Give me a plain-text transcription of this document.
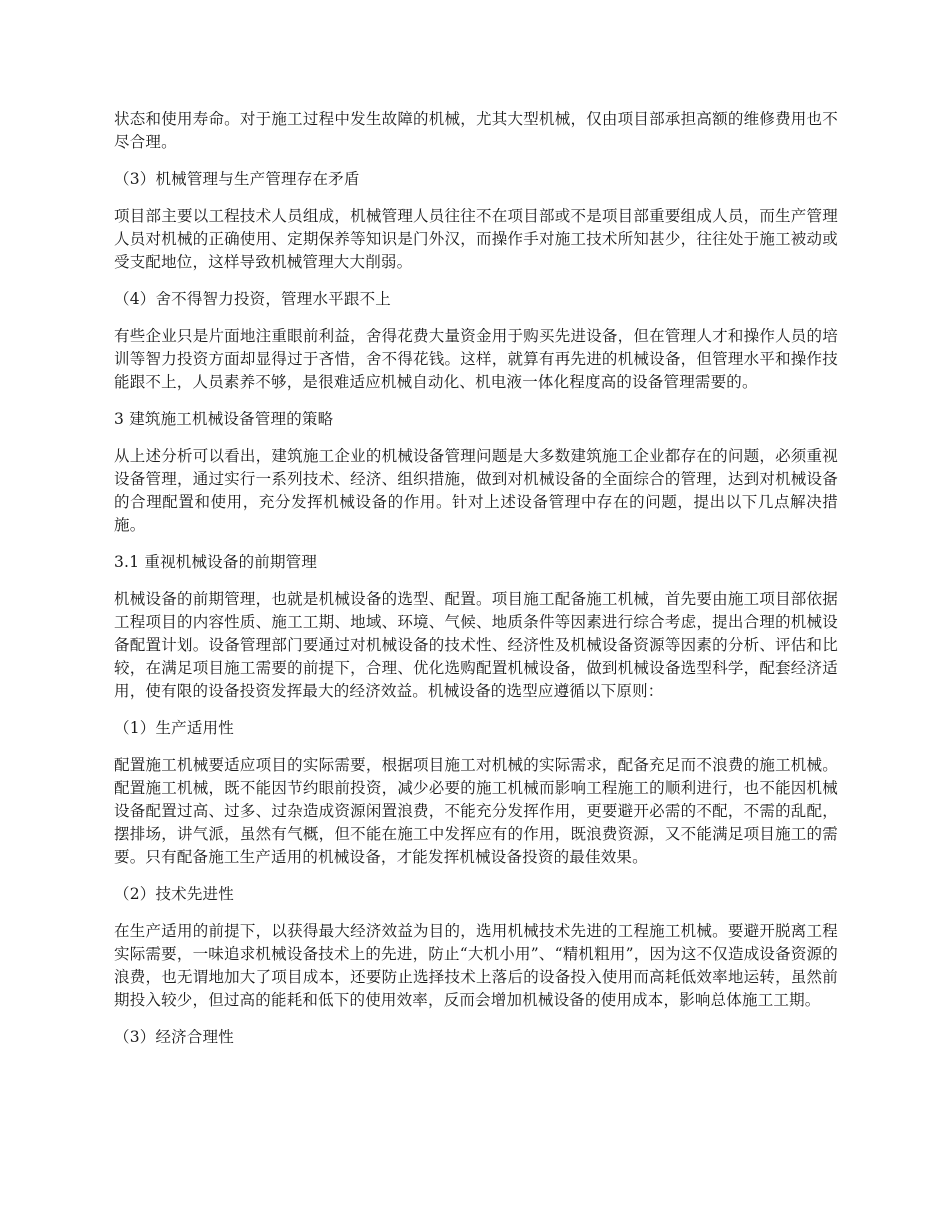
状态和使用寿命。对于施工过程中发生故障的机械，尤其大型机械，仅由项目部承担高额的维修费用也不尽合理。

（3）机械管理与生产管理存在矛盾

项目部主要以工程技术人员组成，机械管理人员往往不在项目部或不是项目部重要组成人员，而生产管理人员对机械的正确使用、定期保养等知识是门外汉，而操作手对施工技术所知甚少，往往处于施工被动或受支配地位，这样导致机械管理大大削弱。

（4）舍不得智力投资，管理水平跟不上

有些企业只是片面地注重眼前利益，舍得花费大量资金用于购买先进设备，但在管理人才和操作人员的培训等智力投资方面却显得过于吝惜，舍不得花钱。这样，就算有再先进的机械设备，但管理水平和操作技能跟不上，人员素养不够，是很难适应机械自动化、机电液一体化程度高的设备管理需要的。

3 建筑施工机械设备管理的策略

从上述分析可以看出，建筑施工企业的机械设备管理问题是大多数建筑施工企业都存在的问题，必须重视设备管理，通过实行一系列技术、经济、组织措施，做到对机械设备的全面综合的管理，达到对机械设备的合理配置和使用，充分发挥机械设备的作用。针对上述设备管理中存在的问题，提出以下几点解决措施。

3.1 重视机械设备的前期管理

机械设备的前期管理，也就是机械设备的选型、配置。项目施工配备施工机械，首先要由施工项目部依据工程项目的内容性质、施工工期、地域、环境、气候、地质条件等因素进行综合考虑，提出合理的机械设备配置计划。设备管理部门要通过对机械设备的技术性、经济性及机械设备资源等因素的分析、评估和比较，在满足项目施工需要的前提下，合理、优化选购配置机械设备，做到机械设备选型科学，配套经济适用，使有限的设备投资发挥最大的经济效益。机械设备的选型应遵循以下原则：

（1）生产适用性

配置施工机械要适应项目的实际需要，根据项目施工对机械的实际需求，配备充足而不浪费的施工机械。配置施工机械，既不能因节约眼前投资，减少必要的施工机械而影响工程施工的顺利进行，也不能因机械设备配置过高、过多、过杂造成资源闲置浪费，不能充分发挥作用，更要避开必需的不配，不需的乱配，摆排场，讲气派，虽然有气概，但不能在施工中发挥应有的作用，既浪费资源，又不能满足项目施工的需要。只有配备施工生产适用的机械设备，才能发挥机械设备投资的最佳效果。

（2）技术先进性

在生产适用的前提下，以获得最大经济效益为目的，选用机械技术先进的工程施工机械。要避开脱离工程实际需要，一味追求机械设备技术上的先进，防止“大机小用”、“精机粗用”，因为这不仅造成设备资源的浪费，也无谓地加大了项目成本，还要防止选择技术上落后的设备投入使用而高耗低效率地运转，虽然前期投入较少，但过高的能耗和低下的使用效率，反而会增加机械设备的使用成本，影响总体施工工期。

（3）经济合理性
